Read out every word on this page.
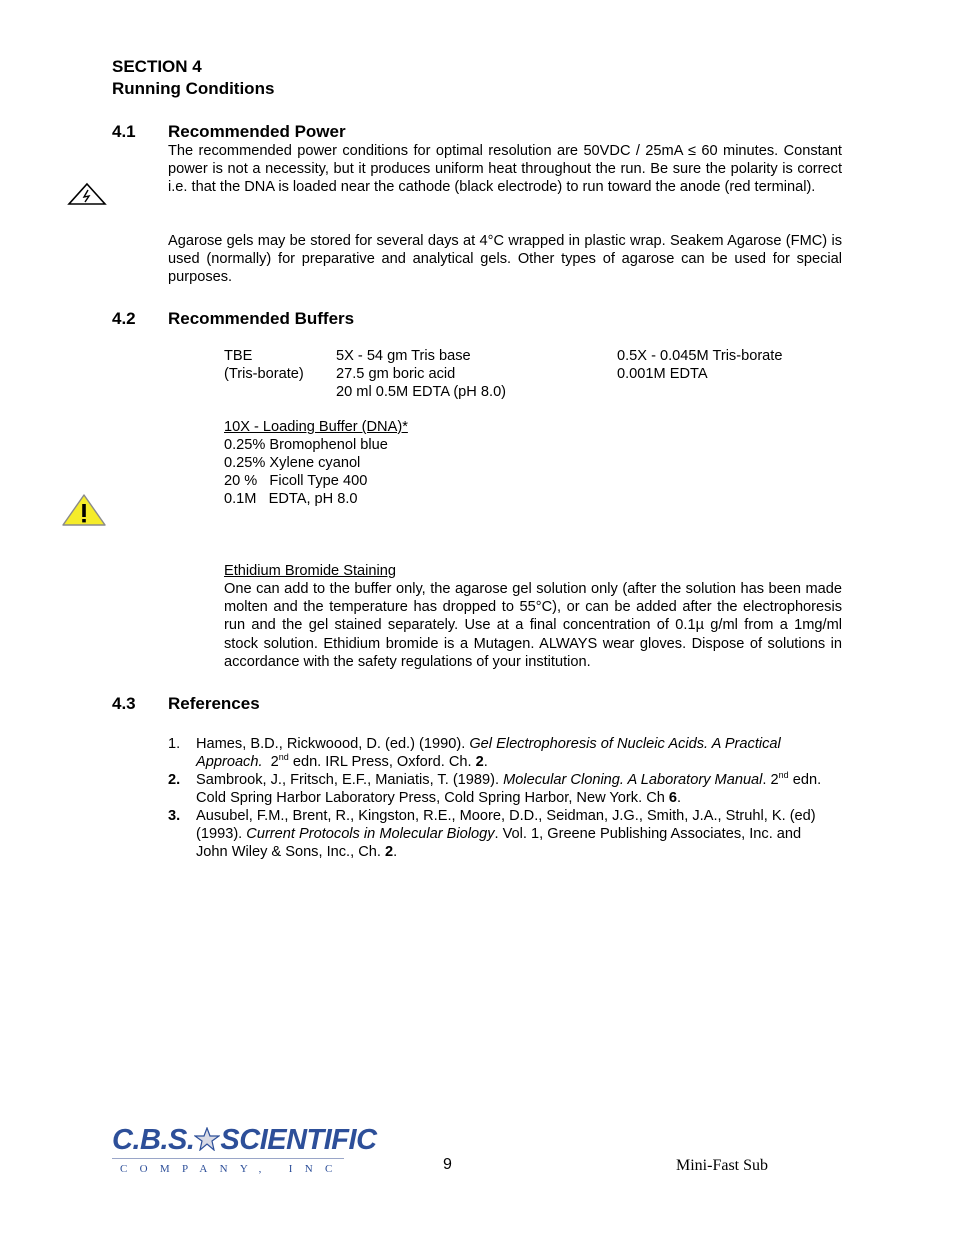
SECTION 4
Running Conditions
4.1 Recommended Power

The recommended power conditions for optimal resolution are 50VDC / 25mA ≤ 60 minutes. Constant power is not a necessity, but it produces uniform heat throughout the run. Be sure the polarity is correct i.e. that the DNA is loaded near the cathode (black electrode) to run toward the anode (red terminal).

Agarose gels may be stored for several days at 4°C wrapped in plastic wrap. Seakem Agarose (FMC) is used (normally) for preparative and analytical gels. Other types of agarose can be used for special purposes.

4.2 Recommended Buffers
TBE
(Tris-borate)
5X - 54 gm Tris base
27.5 gm boric acid
20 ml 0.5M EDTA (pH 8.0)
0.5X - 0.045M Tris-borate
0.001M EDTA
10X - Loading Buffer (DNA)*
0.25% Bromophenol blue
0.25% Xylene cyanol
20 %   Ficoll Type 400
0.1M   EDTA, pH 8.0
Ethidium Bromide Staining

One can add to the buffer only, the agarose gel solution only (after the solution has been made molten and the temperature has dropped to 55°C), or can be added after the electrophoresis run and the gel stained separately. Use at a final concentration of 0.1µ g/ml from a 1mg/ml stock solution. Ethidium bromide is a Mutagen. ALWAYS wear gloves. Dispose of solutions in accordance with the safety regulations of your institution.

4.3 References
1. Hames, B.D., Rickwoood, D. (ed.) (1990). Gel Electrophoresis of Nucleic Acids. A Practical Approach.  2nd edn. IRL Press, Oxford. Ch. 2.
2. Sambrook, J., Fritsch, E.F., Maniatis, T. (1989). Molecular Cloning. A Laboratory Manual. 2nd edn. Cold Spring Harbor Laboratory Press, Cold Spring Harbor, New York. Ch 6.
3. Ausubel, F.M., Brent, R., Kingston, R.E., Moore, D.D., Seidman, J.G., Smith, J.A., Struhl, K. (ed) (1993). Current Protocols in Molecular Biology. Vol. 1, Greene Publishing Associates, Inc. and John Wiley & Sons, Inc., Ch. 2.
C.B.S. SCIENTIFIC
COMPANY, INC	9	Mini-Fast Sub
